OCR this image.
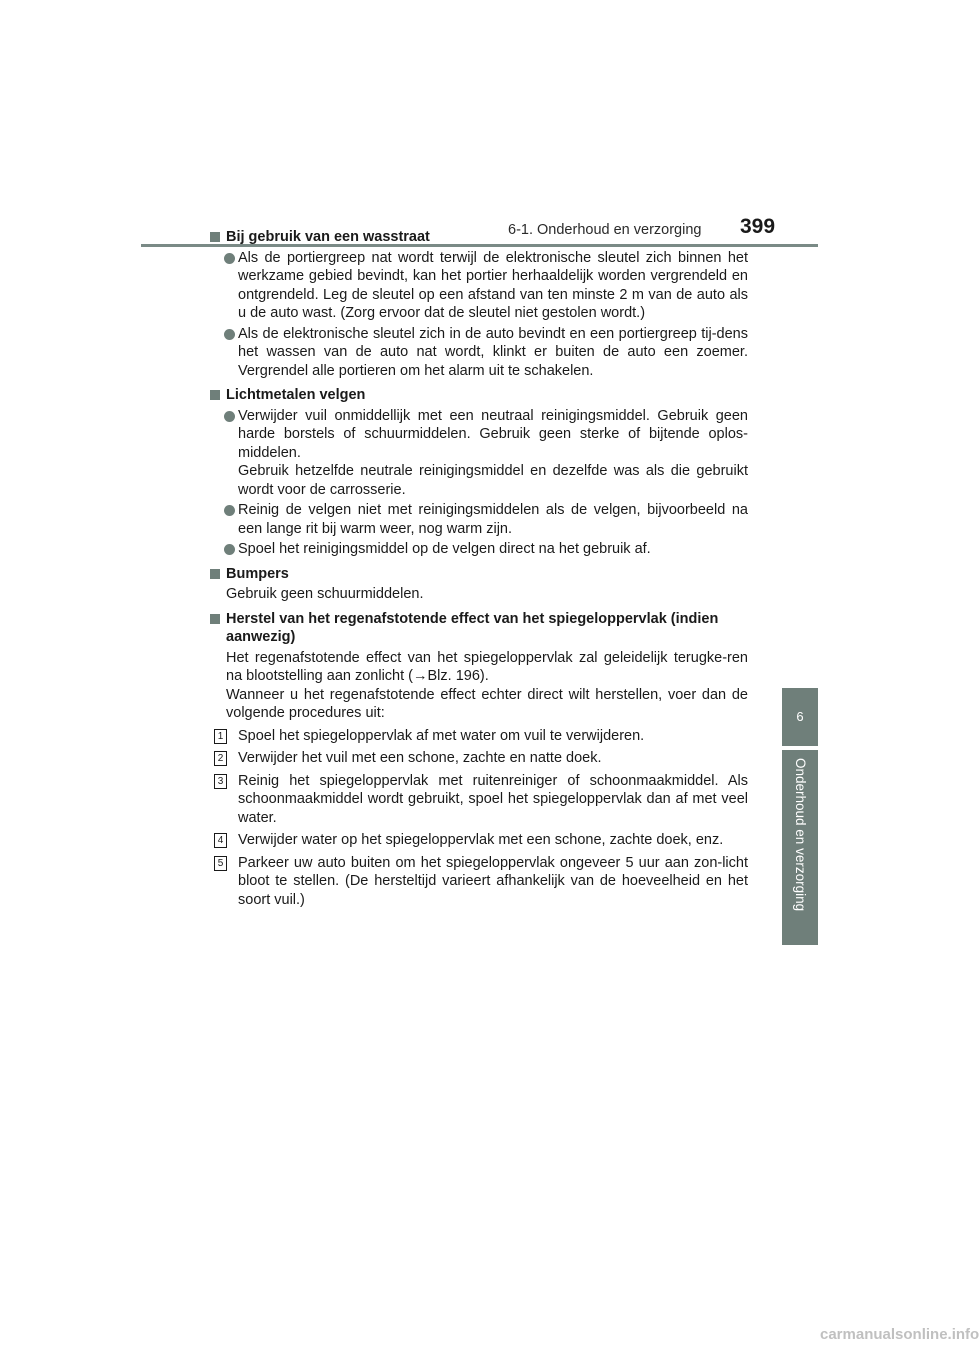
6-1. Onderhoud en verzorging 399
6
Onderhoud en verzorging

Bij gebruik van een wasstraat

Als de portiergreep nat wordt terwijl de elektronische sleutel zich binnen het werkzame gebied bevindt, kan het portier herhaaldelijk worden vergrendeld en ontgrendeld. Leg de sleutel op een afstand van ten minste 2 m van de auto als u de auto wast. (Zorg ervoor dat de sleutel niet gestolen wordt.)

Als de elektronische sleutel zich in de auto bevindt en een portiergreep tij-dens het wassen van de auto nat wordt, klinkt er buiten de auto een zoemer. Vergrendel alle portieren om het alarm uit te schakelen.

Lichtmetalen velgen

Verwijder vuil onmiddellijk met een neutraal reinigingsmiddel. Gebruik geen harde borstels of schuurmiddelen. Gebruik geen sterke of bijtende oplos-middelen.
Gebruik hetzelfde neutrale reinigingsmiddel en dezelfde was als die gebruikt wordt voor de carrosserie.

Reinig de velgen niet met reinigingsmiddelen als de velgen, bijvoorbeeld na een lange rit bij warm weer, nog warm zijn.

Spoel het reinigingsmiddel op de velgen direct na het gebruik af.

Bumpers

Gebruik geen schuurmiddelen.

Herstel van het regenafstotende effect van het spiegeloppervlak (indien aanwezig)

Het regenafstotende effect van het spiegeloppervlak zal geleidelijk terugke-ren na blootstelling aan zonlicht (→Blz. 196).
Wanneer u het regenafstotende effect echter direct wilt herstellen, voer dan de volgende procedures uit:

1 Spoel het spiegeloppervlak af met water om vuil te verwijderen.

2 Verwijder het vuil met een schone, zachte en natte doek.

3 Reinig het spiegeloppervlak met ruitenreiniger of schoonmaakmiddel. Als schoonmaakmiddel wordt gebruikt, spoel het spiegeloppervlak dan af met veel water.

4 Verwijder water op het spiegeloppervlak met een schone, zachte doek, enz.

5 Parkeer uw auto buiten om het spiegeloppervlak ongeveer 5 uur aan zon-licht bloot te stellen. (De hersteltijd varieert afhankelijk van de hoeveelheid en het soort vuil.)

carmanualsonline.info
